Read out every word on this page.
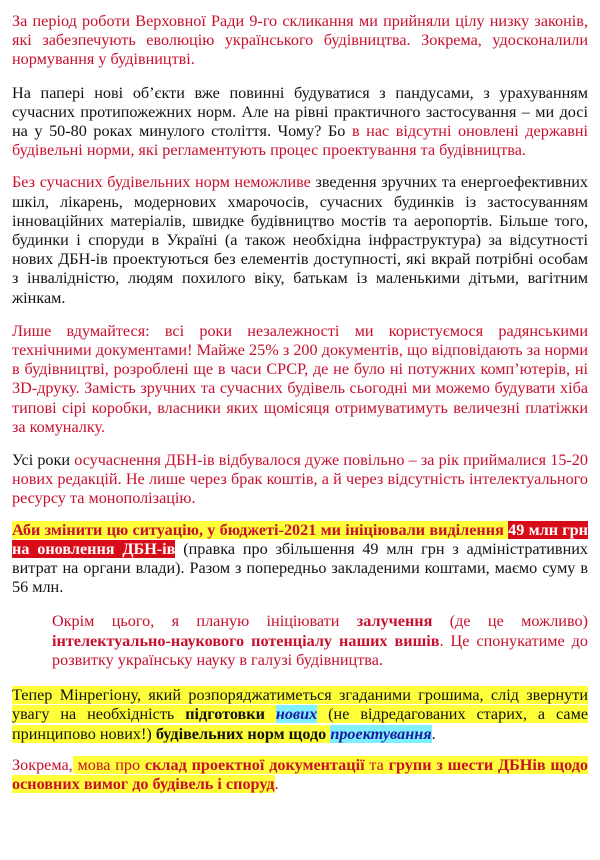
За період роботи Верховної Ради 9-го скликання ми прийняли цілу низку законів, які забезпечують еволюцію українського будівництва. Зокрема, удосконалили нормування у будівництві.

На папері нові об’єкти вже повинні будуватися з пандусами, з урахуванням сучасних протипожежних норм. Але на рівні практичного застосування – ми досі на у 50-80 роках минулого століття. Чому? Бо в нас відсутні оновлені державні будівельні норми, які регламентують процес проектування та будівництва.

Без сучасних будівельних норм неможливе зведення зручних та енергоефективних шкіл, лікарень, модернових хмарочосів, сучасних будинків із застосуванням інноваційних матеріалів, швидке будівництво мостів та аеропортів. Більше того, будинки і споруди в Україні (а також необхідна інфраструктура) за відсутності нових ДБН-ів проектуються без елементів доступності, які вкрай потрібні особам з інвалідністю, людям похилого віку, батькам із маленькими дітьми, вагітним жінкам.

Лише вдумайтеся: всі роки незалежності ми користуємося радянськими технічними документами! Майже 25% з 200 документів, що відповідають за норми в будівництві, розроблені ще в часи СРСР, де не було ні потужних комп’ютерів, ні 3D-друку. Замість зручних та сучасних будівель сьогодні ми можемо будувати хіба типові сірі коробки, власники яких щомісяця отримуватимуть величезні платіжки за комуналку.

Усі роки осучаснення ДБН-ів відбувалося дуже повільно – за рік приймалися 15-20 нових редакцій. Не лише через брак коштів, а й через відсутність інтелектуального ресурсу та монополізацію.

Аби змінити цю ситуацію, у бюджеті-2021 ми ініціювали виділення 49 млн грн на оновлення ДБН-ів (правка про збільшення 49 млн грн з адміністративних витрат на органи влади). Разом з попередньо закладеними коштами, маємо суму в 56 млн.

Окрім цього, я планую ініціювати залучення (де це можливо) інтелектуально-наукового потенціалу наших вишів. Це спонукатиме до розвитку українську науку в галузі будівництва.

Тепер Мінрегіону, який розпоряджатиметься згаданими грошима, слід звернути увагу на необхідність підготовки нових (не відредагованих старих, а саме принципово нових!) будівельних норм щодо проектування.

Зокрема, мова про склад проектної документації та групи з шести ДБНів щодо основних вимог до будівель і споруд.
